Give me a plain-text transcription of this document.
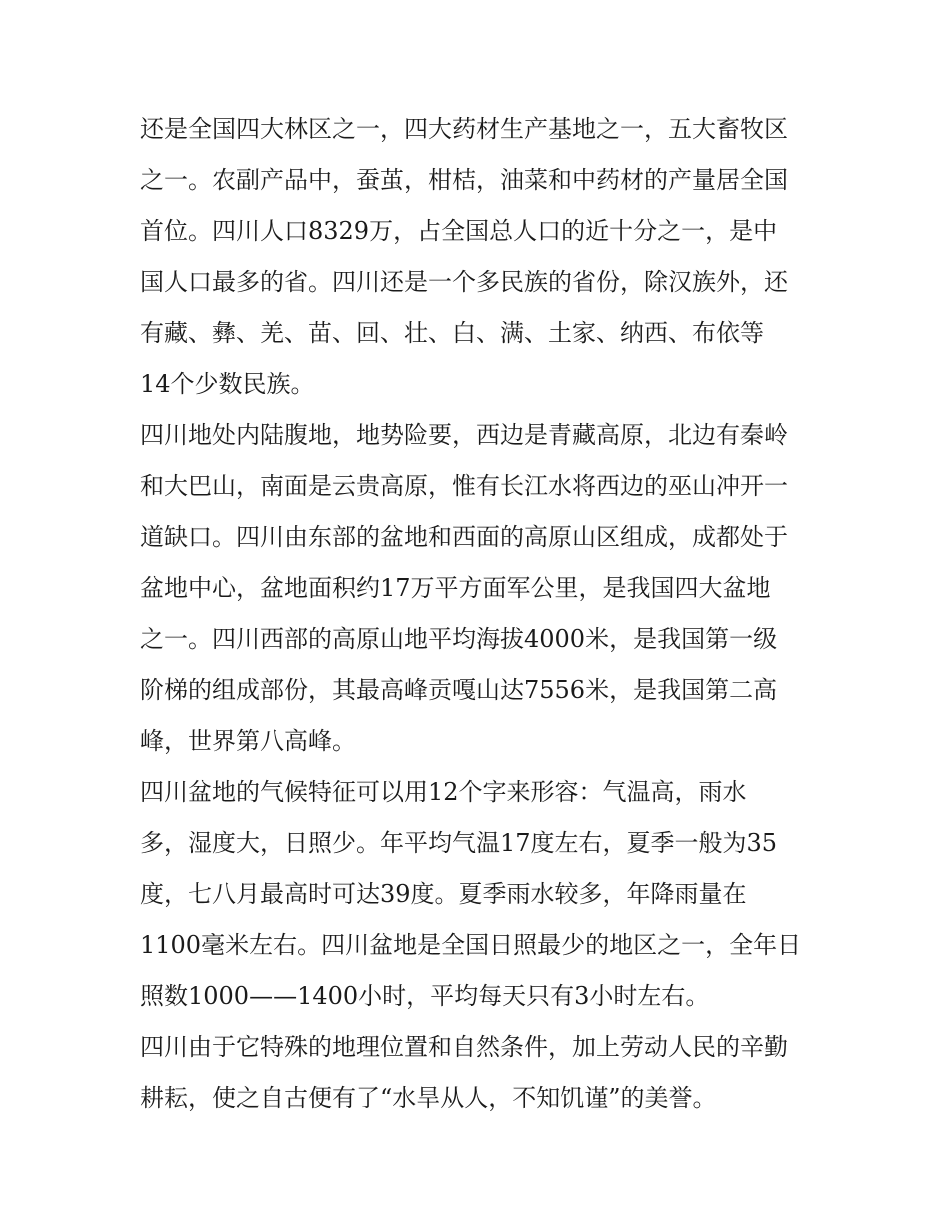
还是全国四大林区之一，四大药材生产基地之一，五大畜牧区
之一。农副产品中，蚕茧，柑桔，油菜和中药材的产量居全国
首位。四川人口8329万，占全国总人口的近十分之一，是中
国人口最多的省。四川还是一个多民族的省份，除汉族外，还
有藏、彝、羌、苗、回、壮、白、满、土家、纳西、布依等
14个少数民族。

四川地处内陆腹地，地势险要，西边是青藏高原，北边有秦岭
和大巴山，南面是云贵高原，惟有长江水将西边的巫山冲开一
道缺口。四川由东部的盆地和西面的高原山区组成，成都处于
盆地中心，盆地面积约17万平方面军公里，是我国四大盆地
之一。四川西部的高原山地平均海拔4000米，是我国第一级
阶梯的组成部份，其最高峰贡嘎山达7556米，是我国第二高
峰，世界第八高峰。

四川盆地的气候特征可以用12个字来形容：气温高，雨水
多，湿度大，日照少。年平均气温17度左右，夏季一般为35
度，七八月最高时可达39度。夏季雨水较多，年降雨量在
1100毫米左右。四川盆地是全国日照最少的地区之一，全年日
照数1000——1400小时，平均每天只有3小时左右。

四川由于它特殊的地理位置和自然条件，加上劳动人民的辛勤
耕耘，使之自古便有了“水旱从人，不知饥谨”的美誉。
